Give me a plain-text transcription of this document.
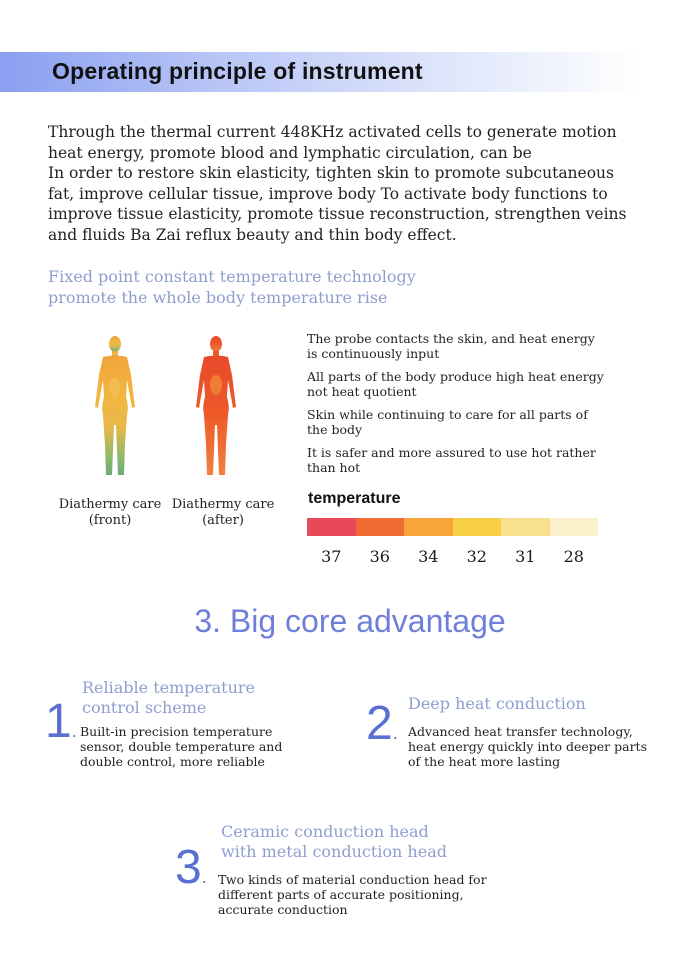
Operating principle of instrument

Through the thermal current 448KHz activated cells to generate motion

heat energy, promote blood and lymphatic circulation, can be

In order to restore skin elasticity, tighten skin to promote subcutaneous

fat, improve cellular tissue, improve body To activate body functions to

improve tissue elasticity, promote tissue reconstruction, strengthen veins

and fluids Ba Zai reflux beauty and thin body effect.

Fixed point constant temperature technology
promote the whole body temperature rise
Diathermy care
(front)
Diathermy care
(after)

The probe contacts the skin, and heat energy
is continuously input

All parts of the body produce high heat energy
not heat quotient

Skin while continuing to care for all parts of
the body

It is safer and more assured to use hot rather
than hot

temperature
37	36	34	32	31	28
3. Big core advantage
1.
Reliable temperature
control scheme
Built-in precision temperature
sensor, double temperature and
double control, more reliable
2.
Deep heat conduction
Advanced heat transfer technology,
heat energy quickly into deeper parts
of the heat more lasting
3.
Ceramic conduction head
with metal conduction head
Two kinds of material conduction head for
different parts of accurate positioning,
accurate conduction
